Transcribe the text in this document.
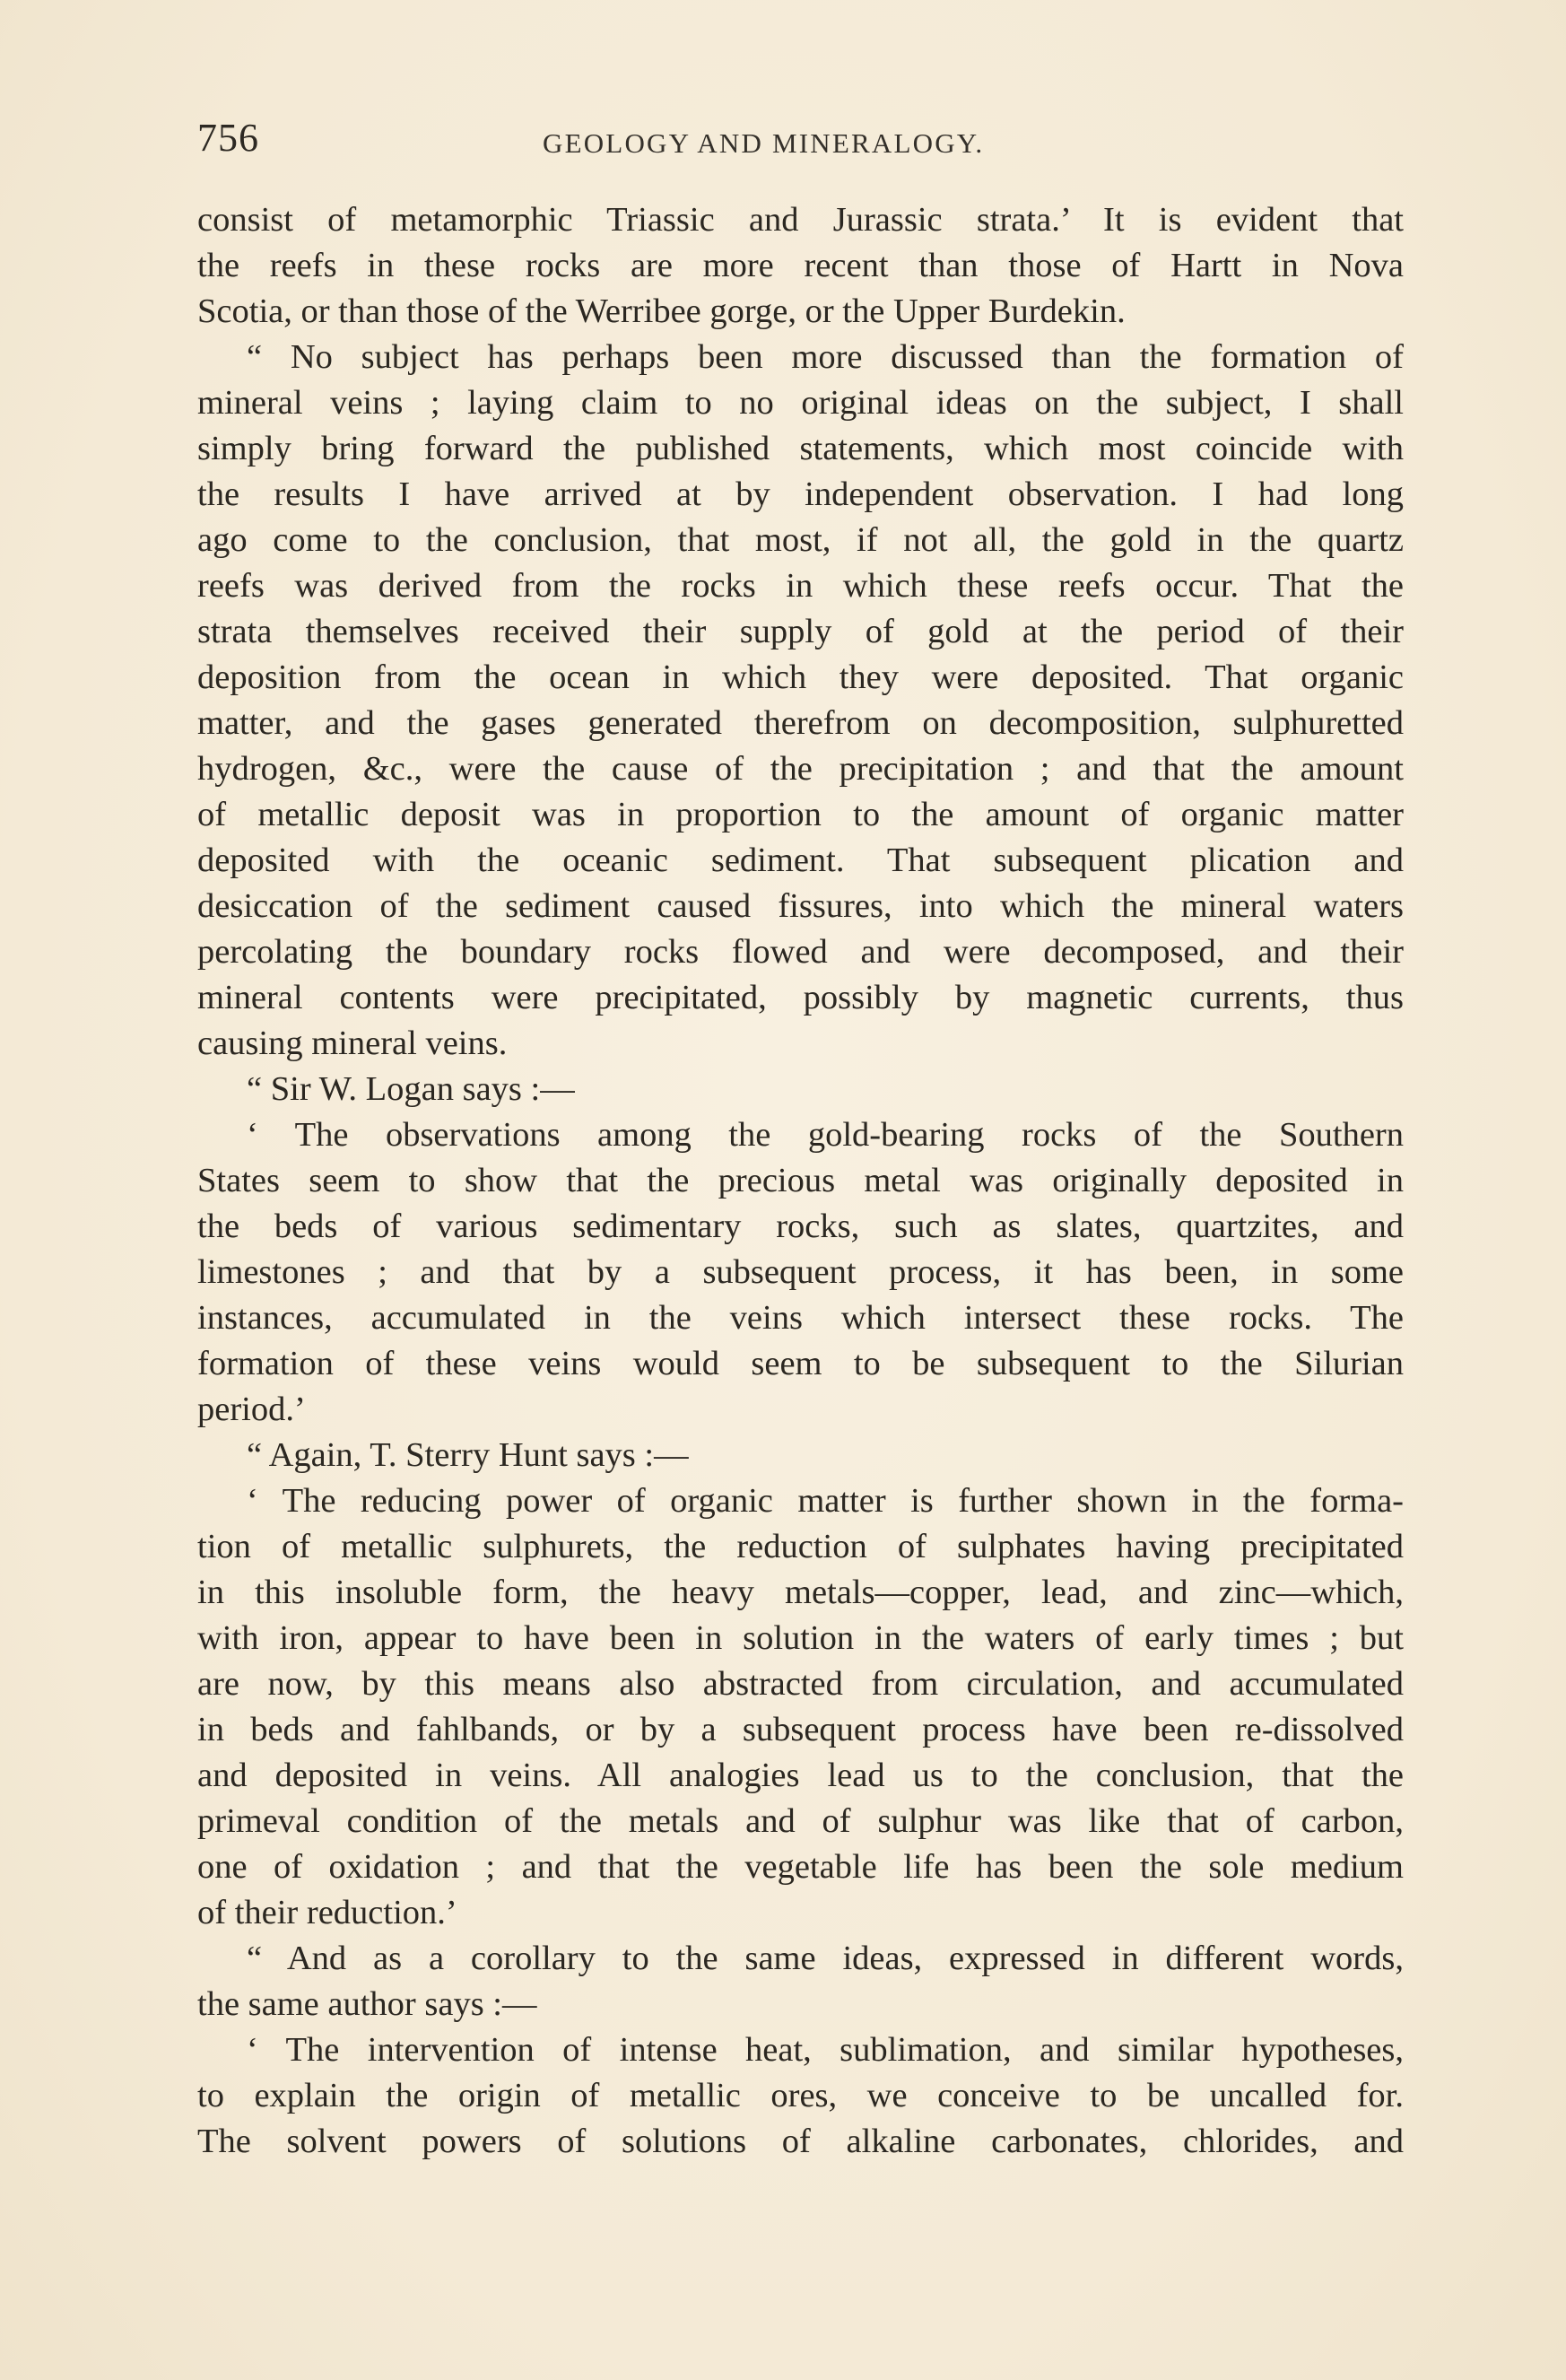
756	GEOLOGY AND MINERALOGY.
consist of metamorphic Triassic and Jurassic strata.’ It is evident that
the reefs in these rocks are more recent than those of Hartt in Nova
Scotia, or than those of the Werribee gorge, or the Upper Burdekin.
“ No subject has perhaps been more discussed than the formation of
mineral veins ; laying claim to no original ideas on the subject, I shall
simply bring forward the published statements, which most coincide with
the results I have arrived at by independent observation. I had long
ago come to the conclusion, that most, if not all, the gold in the quartz
reefs was derived from the rocks in which these reefs occur. That the
strata themselves received their supply of gold at the period of their
deposition from the ocean in which they were deposited. That organic
matter, and the gases generated therefrom on decomposition, sulphuretted
hydrogen, &c., were the cause of the precipitation ; and that the amount
of metallic deposit was in proportion to the amount of organic matter
deposited with the oceanic sediment. That subsequent plication and
desiccation of the sediment caused fissures, into which the mineral waters
percolating the boundary rocks flowed and were decomposed, and their
mineral contents were precipitated, possibly by magnetic currents, thus
causing mineral veins.
“ Sir W. Logan says :—
‘ The observations among the gold-bearing rocks of the Southern
States seem to show that the precious metal was originally deposited in
the beds of various sedimentary rocks, such as slates, quartzites, and
limestones ; and that by a subsequent process, it has been, in some
instances, accumulated in the veins which intersect these rocks. The
formation of these veins would seem to be subsequent to the Silurian
period.’
“ Again, T. Sterry Hunt says :—
‘ The reducing power of organic matter is further shown in the forma-
tion of metallic sulphurets, the reduction of sulphates having precipitated
in this insoluble form, the heavy metals—copper, lead, and zinc—which,
with iron, appear to have been in solution in the waters of early times ; but
are now, by this means also abstracted from circulation, and accumulated
in beds and fahlbands, or by a subsequent process have been re-dissolved
and deposited in veins. All analogies lead us to the conclusion, that the
primeval condition of the metals and of sulphur was like that of carbon,
one of oxidation ; and that the vegetable life has been the sole medium
of their reduction.’
“ And as a corollary to the same ideas, expressed in different words,
the same author says :—
‘ The intervention of intense heat, sublimation, and similar hypotheses,
to explain the origin of metallic ores, we conceive to be uncalled for.
The solvent powers of solutions of alkaline carbonates, chlorides, and
